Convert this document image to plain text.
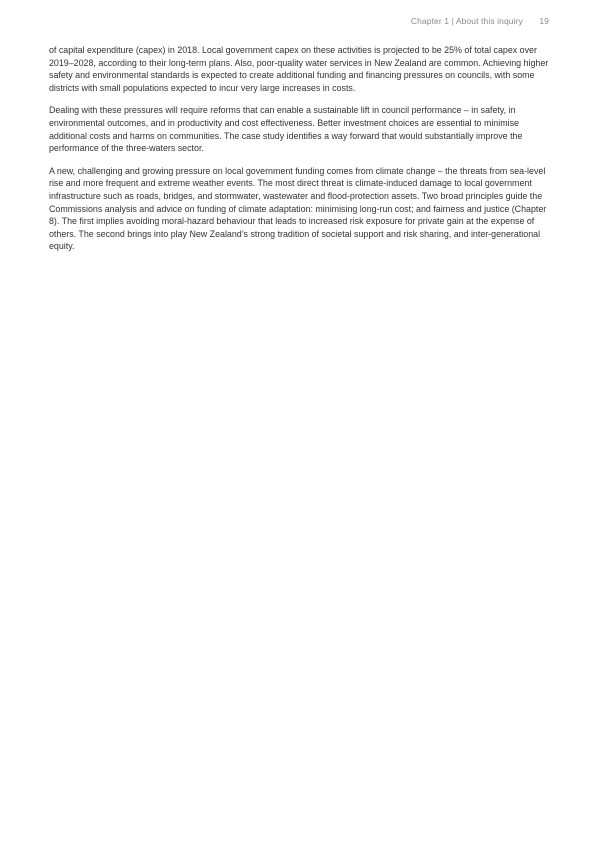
Chapter 1 | About this inquiry 19

of capital expenditure (capex) in 2018. Local government capex on these activities is projected to be 25% of total capex over 2019–2028, according to their long-term plans. Also, poor-quality water services in New Zealand are common. Achieving higher safety and environmental standards is expected to create additional funding and financing pressures on councils, with some districts with small populations expected to incur very large increases in costs.

Dealing with these pressures will require reforms that can enable a sustainable lift in council performance – in safety, in environmental outcomes, and in productivity and cost effectiveness. Better investment choices are essential to minimise additional costs and harms on communities. The case study identifies a way forward that would substantially improve the performance of the three-waters sector.

A new, challenging and growing pressure on local government funding comes from climate change – the threats from sea-level rise and more frequent and extreme weather events. The most direct threat is climate-induced damage to local government infrastructure such as roads, bridges, and stormwater, wastewater and flood-protection assets. Two broad principles guide the Commissions analysis and advice on funding of climate adaptation: minimising long-run cost; and fairness and justice (Chapter 8). The first implies avoiding moral-hazard behaviour that leads to increased risk exposure for private gain at the expense of others. The second brings into play New Zealand’s strong tradition of societal support and risk sharing, and inter-generational equity.
